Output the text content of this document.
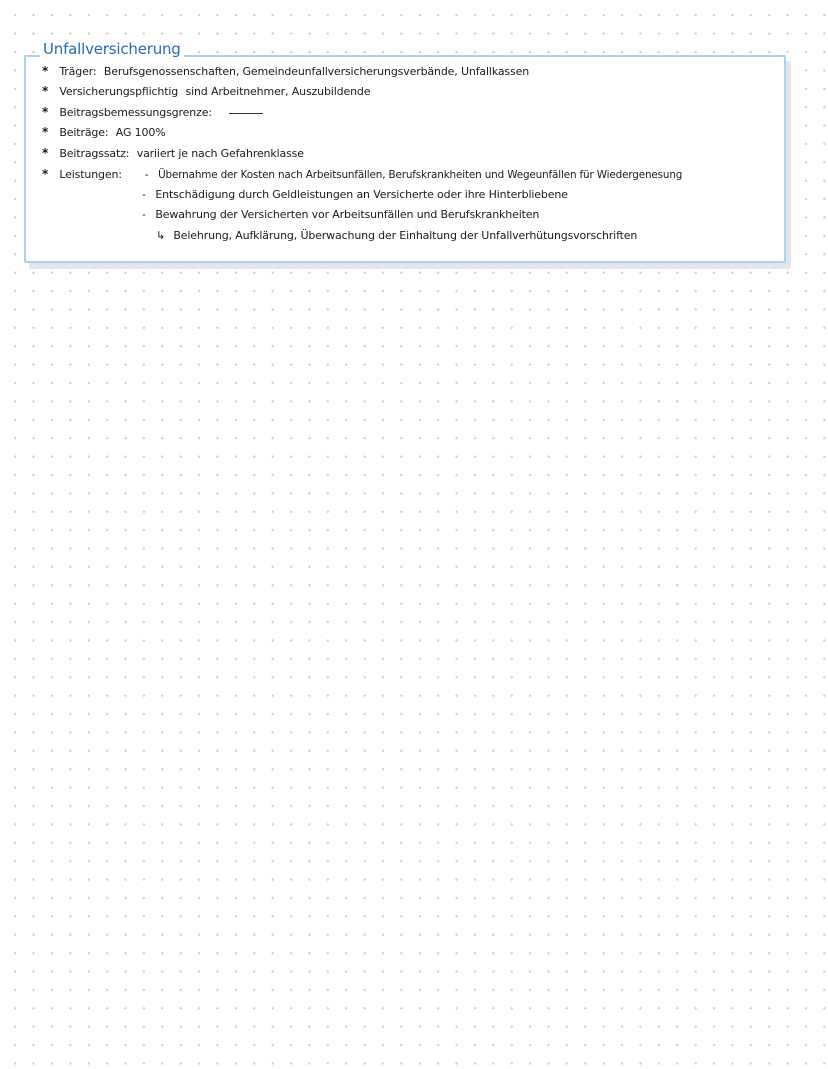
Unfallversicherung
* Träger: Berufsgenossenschaften, Gemeindeunfallversicherungsverbände, Unfallkassen
* Versicherungspflichtig sind Arbeitnehmer, Auszubildende
* Beitragsbemessungsgrenze:
* Beiträge: AG 100%
* Beitragssatz: variiert je nach Gefahrenklasse
* Leistungen: - Übernahme der Kosten nach Arbeitsunfällen, Berufskrankheiten und Wegeunfällen für Wiedergenesung
- Entschädigung durch Geldleistungen an Versicherte oder ihre Hinterbliebene
- Bewahrung der Versicherten vor Arbeitsunfällen und Berufskrankheiten
↳ Belehrung, Aufklärung, Überwachung der Einhaltung der Unfallverhütungsvorschriften
